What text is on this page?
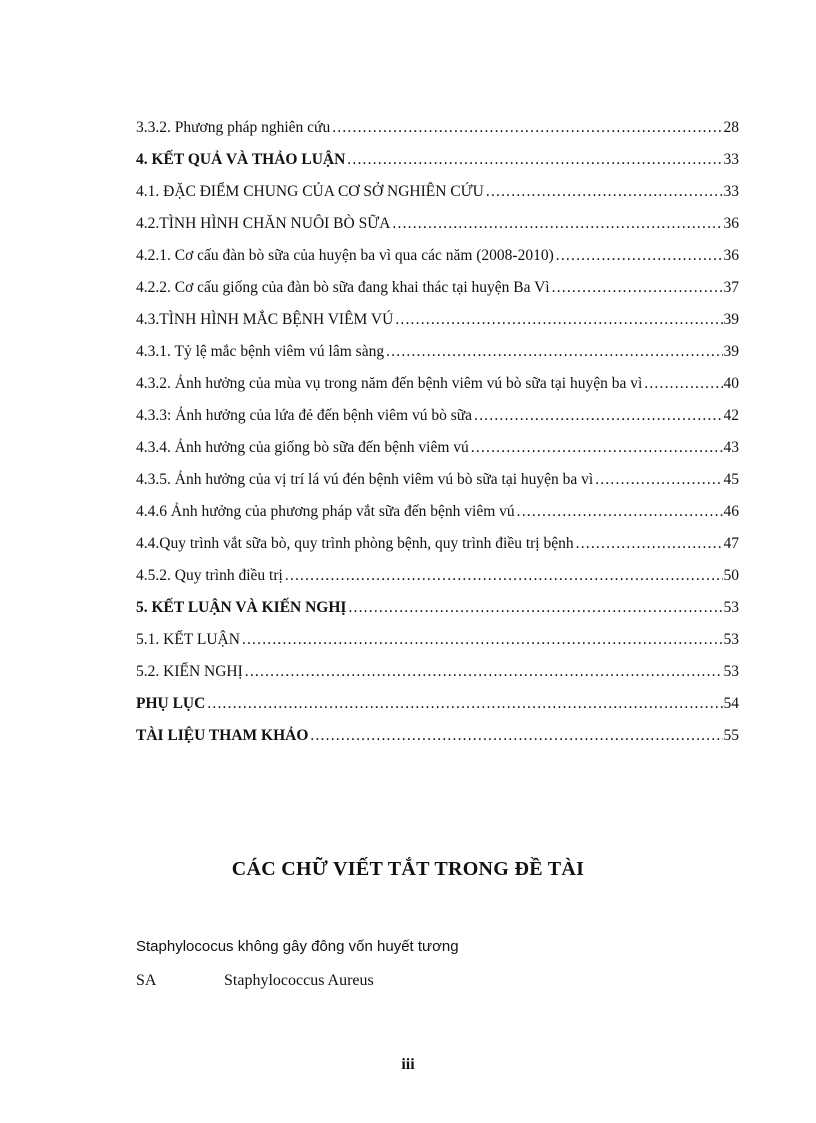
3.3.2. Phương pháp nghiên cứu .....	28
4. KẾT QUẢ VÀ THẢO LUẬN .....	33
4.1. ĐẶC ĐIỂM CHUNG CỦA CƠ SỞ NGHIÊN CỨU .....	33
4.2.TÌNH HÌNH CHĂN NUÔI BÒ SỮA .....	36
4.2.1. Cơ cấu đàn bò sữa của huyện ba vì qua các năm (2008-2010) .....	36
4.2.2. Cơ cấu giống của đàn bò sữa đang khai thác tại huyện Ba Vì .....	37
4.3.TÌNH HÌNH MẮC BỆNH VIÊM VÚ .....	39
4.3.1. Tỷ lệ mắc bệnh viêm vú lâm sàng .....	39
4.3.2. Ảnh hưởng của mùa vụ trong năm đến bệnh viêm vú bò sữa tại huyện ba vì .....	40
4.3.3: Ảnh hưởng của lứa đẻ đến bệnh viêm vú bò sữa .....	42
4.3.4. Ảnh hưởng của giống bò sữa đến bệnh viêm vú .....	43
4.3.5. Ảnh hưởng của vị trí lá vú đén bệnh viêm vú bò sữa tại huyện ba vì .....	45
4.4.6 Ảnh hưởng của phương pháp vắt sữa đến bệnh viêm vú .....	46
4.4.Quy trình vắt sữa bò, quy trình phòng bệnh, quy trình điều trị bệnh .....	47
4.5.2. Quy trình điều trị .....	50
5. KẾT LUẬN VÀ KIẾN NGHỊ .....	53
5.1. KẾT LUẬN .....	53
5.2. KIẾN NGHỊ .....	53
PHỤ LỤC .....	54
TÀI LIỆU THAM KHẢO .....	55
CÁC CHỮ VIẾT TẮT TRONG ĐỀ TÀI
Staphylococus không gây đông vốn huyết tương
SA	Staphylococcus Aureus
iii
